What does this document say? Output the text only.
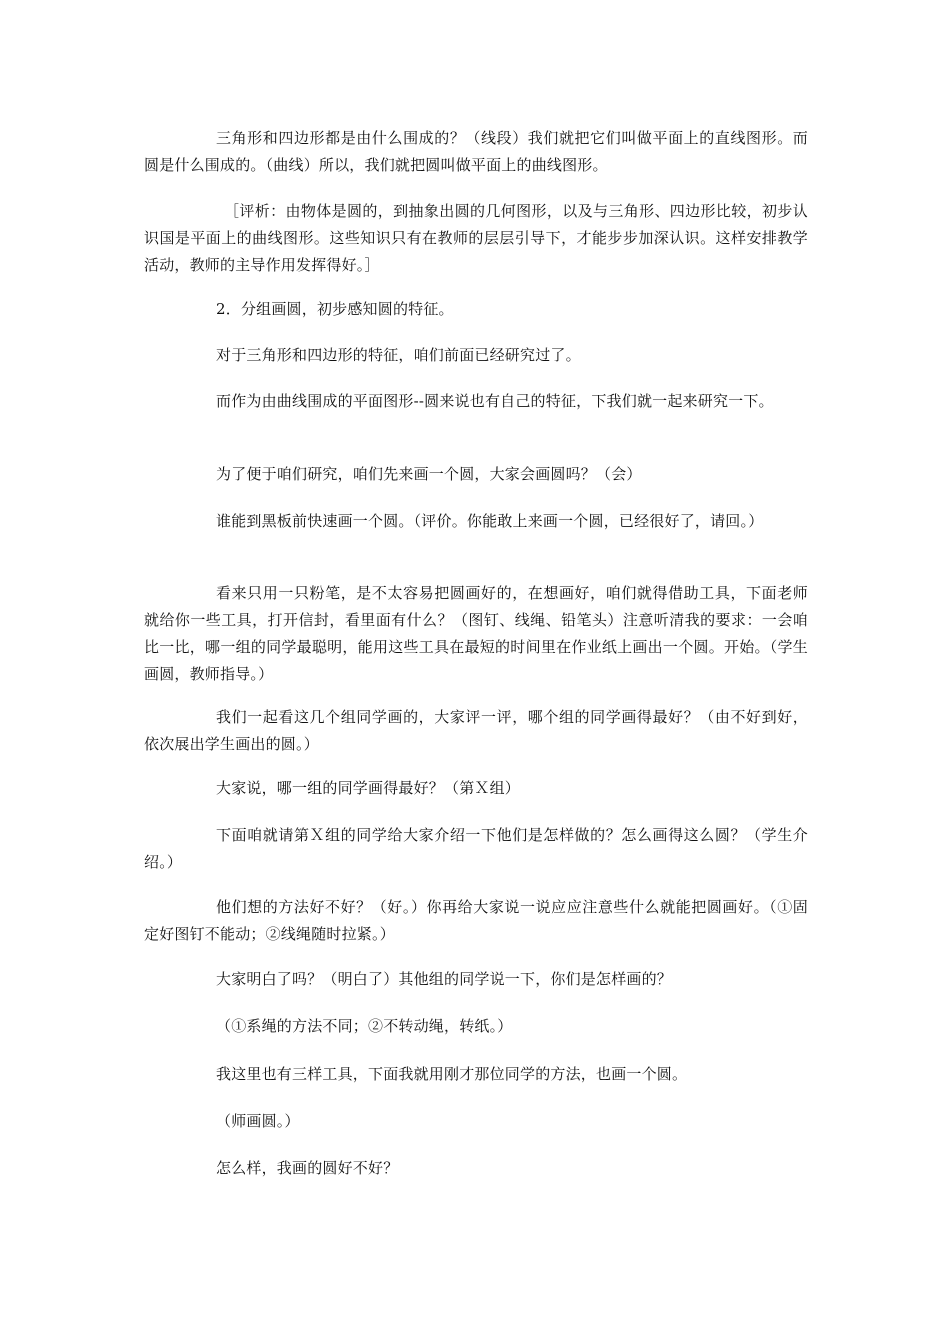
三角形和四边形都是由什么围成的？（线段）我们就把它们叫做平面上的直线图形。而圆是什么围成的。（曲线）所以，我们就把圆叫做平面上的曲线图形。

［评析：由物体是圆的，到抽象出圆的几何图形，以及与三角形、四边形比较，初步认识国是平面上的曲线图形。这些知识只有在教师的层层引导下，才能步步加深认识。这样安排教学活动，教师的主导作用发挥得好。］

2．分组画圆，初步感知圆的特征。

对于三角形和四边形的特征，咱们前面已经研究过了。

而作为由曲线围成的平面图形--圆来说也有自己的特征，下我们就一起来研究一下。

为了便于咱们研究，咱们先来画一个圆，大家会画圆吗？（会）

谁能到黑板前快速画一个圆。（评价。你能敢上来画一个圆，已经很好了，请回。）

看来只用一只粉笔，是不太容易把圆画好的，在想画好，咱们就得借助工具，下面老师就给你一些工具，打开信封，看里面有什么？（图钉、线绳、铅笔头）注意听清我的要求：一会咱比一比，哪一组的同学最聪明，能用这些工具在最短的时间里在作业纸上画出一个圆。开始。（学生画圆，教师指导。）

我们一起看这几个组同学画的，大家评一评，哪个组的同学画得最好？（由不好到好，依次展出学生画出的圆。）

大家说，哪一组的同学画得最好？（第Ｘ组）

下面咱就请第Ｘ组的同学给大家介绍一下他们是怎样做的？怎么画得这么圆？（学生介绍。）

他们想的方法好不好？（好。）你再给大家说一说应应注意些什么就能把圆画好。（①固定好图钉不能动；②线绳随时拉紧。）

大家明白了吗？（明白了）其他组的同学说一下，你们是怎样画的？

（①系绳的方法不同；②不转动绳，转纸。）

我这里也有三样工具，下面我就用刚才那位同学的方法，也画一个圆。

（师画圆。）

怎么样，我画的圆好不好？
